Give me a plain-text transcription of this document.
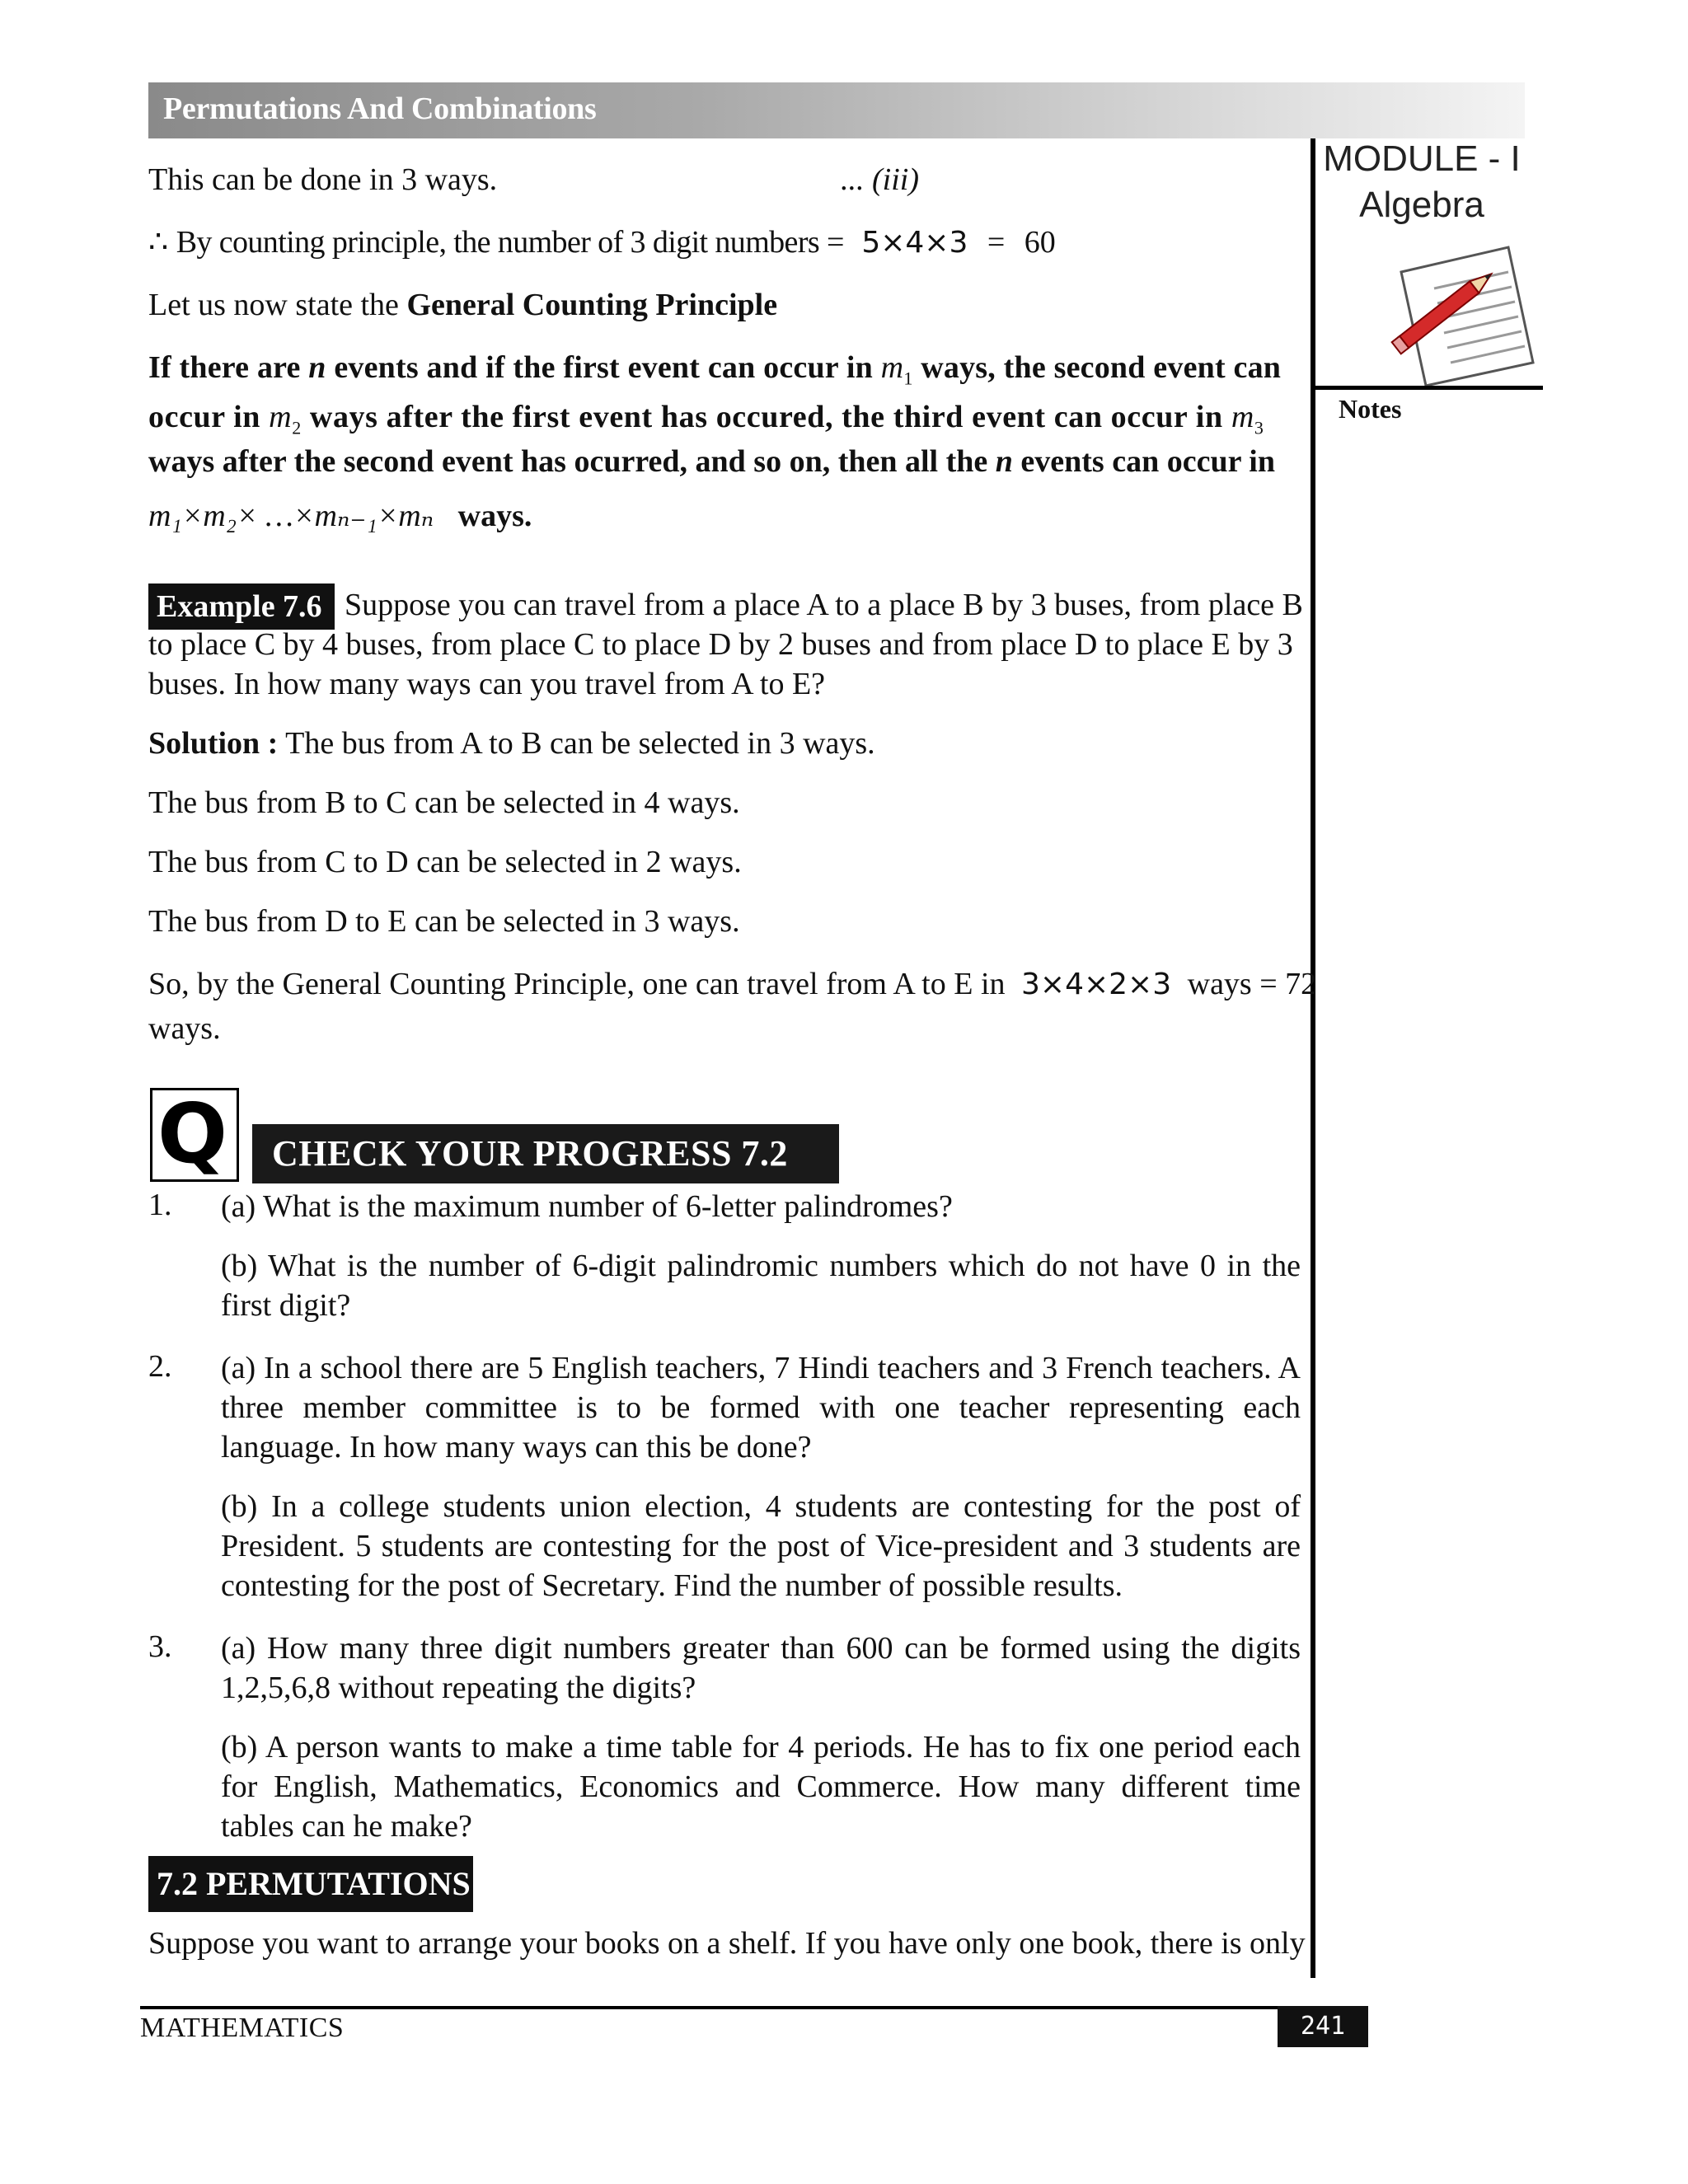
Permutations And Combinations
MODULE - I
Algebra
Notes
This can be done in 3 ways.	... (iii)
∴ By counting principle, the number of 3 digit numbers = 5×4×3 = 60
Let us now state the General Counting Principle
If there are n events and if the first event can occur in $m_1$ ways, the second event can
occur in $m_2$ ways after the first event has occured, the third event can occur in $m_3$
ways after the second event has ocurred, and so on, then all the n events can occur in
m₁×m₂× …×mₙ₋₁×mₙ ways.
Example 7.6 Suppose you can travel from a place A to a place B by 3 buses, from place B
to place C by 4 buses, from place C to place D by 2 buses and from place D to place E by 3
buses. In how many ways can you travel from A to E?
Solution : The bus from A to B can be selected in 3 ways.
The bus from B to C can be selected in 4 ways.
The bus from C to D can be selected in 2 ways.
The bus from D to E can be selected in 3 ways.
So, by the General Counting Principle, one can travel from A to E in 3×4×2×3 ways = 72
ways.
Q	CHECK YOUR PROGRESS 7.2
1. (a) What is the maximum number of 6-letter palindromes?
(b) What is the number of 6-digit palindromic numbers which do not have 0 in the first digit?
2. (a) In a school there are 5 English teachers, 7 Hindi teachers and 3 French teachers. A three member committee is to be formed with one teacher representing each language. In how many ways can this be done?
(b) In a college students union election, 4 students are contesting for the post of President. 5 students are contesting for the post of Vice-president and 3 students are contesting for the post of Secretary. Find the number of possible results.
3. (a) How many three digit numbers greater than 600 can be formed using the digits 1,2,5,6,8 without repeating the digits?
(b) A person wants to make a time table for 4 periods. He has to fix one period each for English, Mathematics, Economics and Commerce. How many different time tables can he make?
7.2 PERMUTATIONS
Suppose you want to arrange your books on a shelf. If you have only one book, there is only
MATHEMATICS	241
